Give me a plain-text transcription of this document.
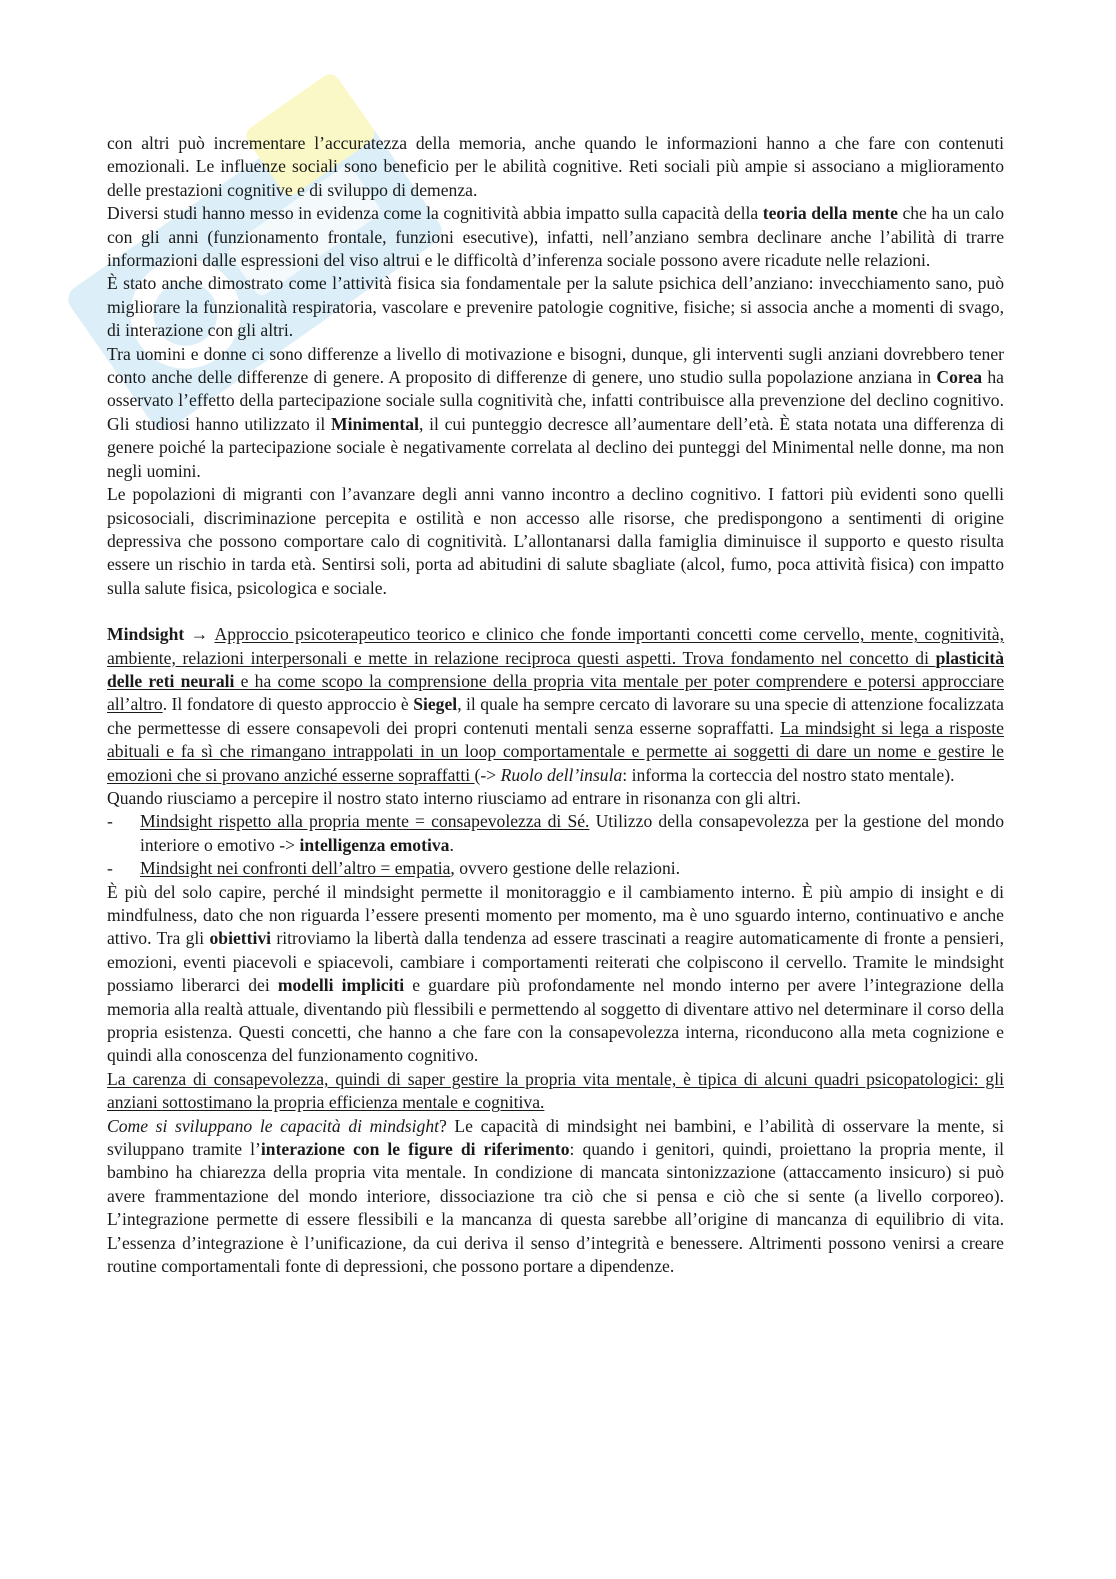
con altri può incrementare l’accuratezza della memoria, anche quando le informazioni hanno a che fare con contenuti emozionali. Le influenze sociali sono beneficio per le abilità cognitive. Reti sociali più ampie si associano a miglioramento delle prestazioni cognitive e di sviluppo di demenza.

Diversi studi hanno messo in evidenza come la cognitività abbia impatto sulla capacità della teoria della mente che ha un calo con gli anni (funzionamento frontale, funzioni esecutive), infatti, nell’anziano sembra declinare anche l’abilità di trarre informazioni dalle espressioni del viso altrui e le difficoltà d’inferenza sociale possono avere ricadute nelle relazioni.

È stato anche dimostrato come l’attività fisica sia fondamentale per la salute psichica dell’anziano: invecchiamento sano, può migliorare la funzionalità respiratoria, vascolare e prevenire patologie cognitive, fisiche; si associa anche a momenti di svago, di interazione con gli altri.

Tra uomini e donne ci sono differenze a livello di motivazione e bisogni, dunque, gli interventi sugli anziani dovrebbero tener conto anche delle differenze di genere. A proposito di differenze di genere, uno studio sulla popolazione anziana in Corea ha osservato l’effetto della partecipazione sociale sulla cognitività che, infatti contribuisce alla prevenzione del declino cognitivo. Gli studiosi hanno utilizzato il Minimental, il cui punteggio decresce all’aumentare dell’età. È stata notata una differenza di genere poiché la partecipazione sociale è negativamente correlata al declino dei punteggi del Minimental nelle donne, ma non negli uomini.

Le popolazioni di migranti con l’avanzare degli anni vanno incontro a declino cognitivo. I fattori più evidenti sono quelli psicosociali, discriminazione percepita e ostilità e non accesso alle risorse, che predispongono a sentimenti di origine depressiva che possono comportare calo di cognitività. L’allontanarsi dalla famiglia diminuisce il supporto e questo risulta essere un rischio in tarda età. Sentirsi soli, porta ad abitudini di salute sbagliate (alcol, fumo, poca attività fisica) con impatto sulla salute fisica, psicologica e sociale.

Mindsight → Approccio psicoterapeutico teorico e clinico che fonde importanti concetti come cervello, mente, cognitività, ambiente, relazioni interpersonali e mette in relazione reciproca questi aspetti. Trova fondamento nel concetto di plasticità delle reti neurali e ha come scopo la comprensione della propria vita mentale per poter comprendere e potersi approcciare all’altro. Il fondatore di questo approccio è Siegel, il quale ha sempre cercato di lavorare su una specie di attenzione focalizzata che permettesse di essere consapevoli dei propri contenuti mentali senza esserne sopraffatti. La mindsight si lega a risposte abituali e fa sì che rimangano intrappolati in un loop comportamentale e permette ai soggetti di dare un nome e gestire le emozioni che si provano anziché esserne sopraffatti (-> Ruolo dell’insula: informa la corteccia del nostro stato mentale).

Quando riusciamo a percepire il nostro stato interno riusciamo ad entrare in risonanza con gli altri.

- Mindsight rispetto alla propria mente = consapevolezza di Sé. Utilizzo della consapevolezza per la gestione del mondo interiore o emotivo -> intelligenza emotiva.
- Mindsight nei confronti dell’altro = empatia, ovvero gestione delle relazioni.

È più del solo capire, perché il mindsight permette il monitoraggio e il cambiamento interno. È più ampio di insight e di mindfulness, dato che non riguarda l’essere presenti momento per momento, ma è uno sguardo interno, continuativo e anche attivo. Tra gli obiettivi ritroviamo la libertà dalla tendenza ad essere trascinati a reagire automaticamente di fronte a pensieri, emozioni, eventi piacevoli e spiacevoli, cambiare i comportamenti reiterati che colpiscono il cervello. Tramite le mindsight possiamo liberarci dei modelli impliciti e guardare più profondamente nel mondo interno per avere l’integrazione della memoria alla realtà attuale, diventando più flessibili e permettendo al soggetto di diventare attivo nel determinare il corso della propria esistenza. Questi concetti, che hanno a che fare con la consapevolezza interna, riconducono alla meta cognizione e quindi alla conoscenza del funzionamento cognitivo.

La carenza di consapevolezza, quindi di saper gestire la propria vita mentale, è tipica di alcuni quadri psicopatologici: gli anziani sottostimano la propria efficienza mentale e cognitiva.

Come si sviluppano le capacità di mindsight? Le capacità di mindsight nei bambini, e l’abilità di osservare la mente, si sviluppano tramite l’interazione con le figure di riferimento: quando i genitori, quindi, proiettano la propria mente, il bambino ha chiarezza della propria vita mentale. In condizione di mancata sintonizzazione (attaccamento insicuro) si può avere frammentazione del mondo interiore, dissociazione tra ciò che si pensa e ciò che si sente (a livello corporeo). L’integrazione permette di essere flessibili e la mancanza di questa sarebbe all’origine di mancanza di equilibrio di vita. L’essenza d’integrazione è l’unificazione, da cui deriva il senso d’integrità e benessere. Altrimenti possono venirsi a creare routine comportamentali fonte di depressioni, che possono portare a dipendenze.
